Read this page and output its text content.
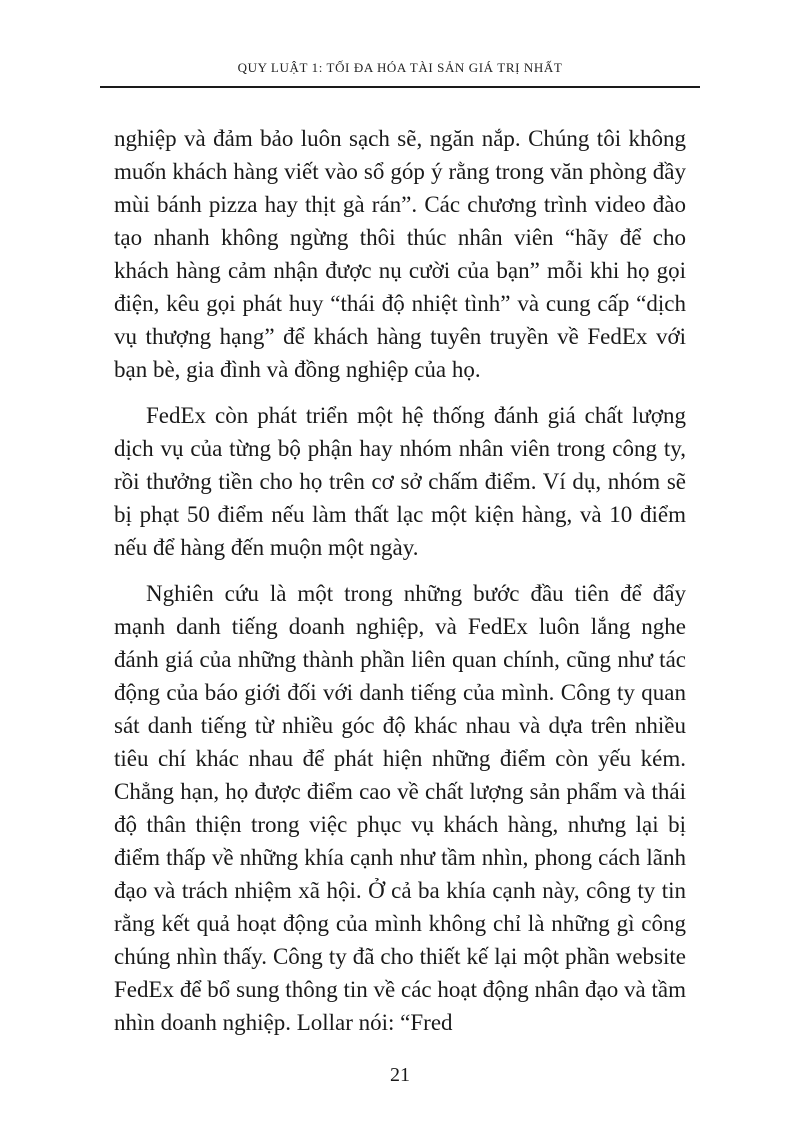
QUY LUẬT 1: TỐI ĐA HÓA TÀI SẢN GIÁ TRỊ NHẤT

nghiệp và đảm bảo luôn sạch sẽ, ngăn nắp. Chúng tôi không muốn khách hàng viết vào sổ góp ý rằng trong văn phòng đầy mùi bánh pizza hay thịt gà rán”. Các chương trình video đào tạo nhanh không ngừng thôi thúc nhân viên “hãy để cho khách hàng cảm nhận được nụ cười của bạn” mỗi khi họ gọi điện, kêu gọi phát huy “thái độ nhiệt tình” và cung cấp “dịch vụ thượng hạng” để khách hàng tuyên truyền về FedEx với bạn bè, gia đình và đồng nghiệp của họ.

FedEx còn phát triển một hệ thống đánh giá chất lượng dịch vụ của từng bộ phận hay nhóm nhân viên trong công ty, rồi thưởng tiền cho họ trên cơ sở chấm điểm. Ví dụ, nhóm sẽ bị phạt 50 điểm nếu làm thất lạc một kiện hàng, và 10 điểm nếu để hàng đến muộn một ngày.

Nghiên cứu là một trong những bước đầu tiên để đẩy mạnh danh tiếng doanh nghiệp, và FedEx luôn lắng nghe đánh giá của những thành phần liên quan chính, cũng như tác động của báo giới đối với danh tiếng của mình. Công ty quan sát danh tiếng từ nhiều góc độ khác nhau và dựa trên nhiều tiêu chí khác nhau để phát hiện những điểm còn yếu kém. Chẳng hạn, họ được điểm cao về chất lượng sản phẩm và thái độ thân thiện trong việc phục vụ khách hàng, nhưng lại bị điểm thấp về những khía cạnh như tầm nhìn, phong cách lãnh đạo và trách nhiệm xã hội. Ở cả ba khía cạnh này, công ty tin rằng kết quả hoạt động của mình không chỉ là những gì công chúng nhìn thấy. Công ty đã cho thiết kế lại một phần website FedEx để bổ sung thông tin về các hoạt động nhân đạo và tầm nhìn doanh nghiệp. Lollar nói: “Fred

21
